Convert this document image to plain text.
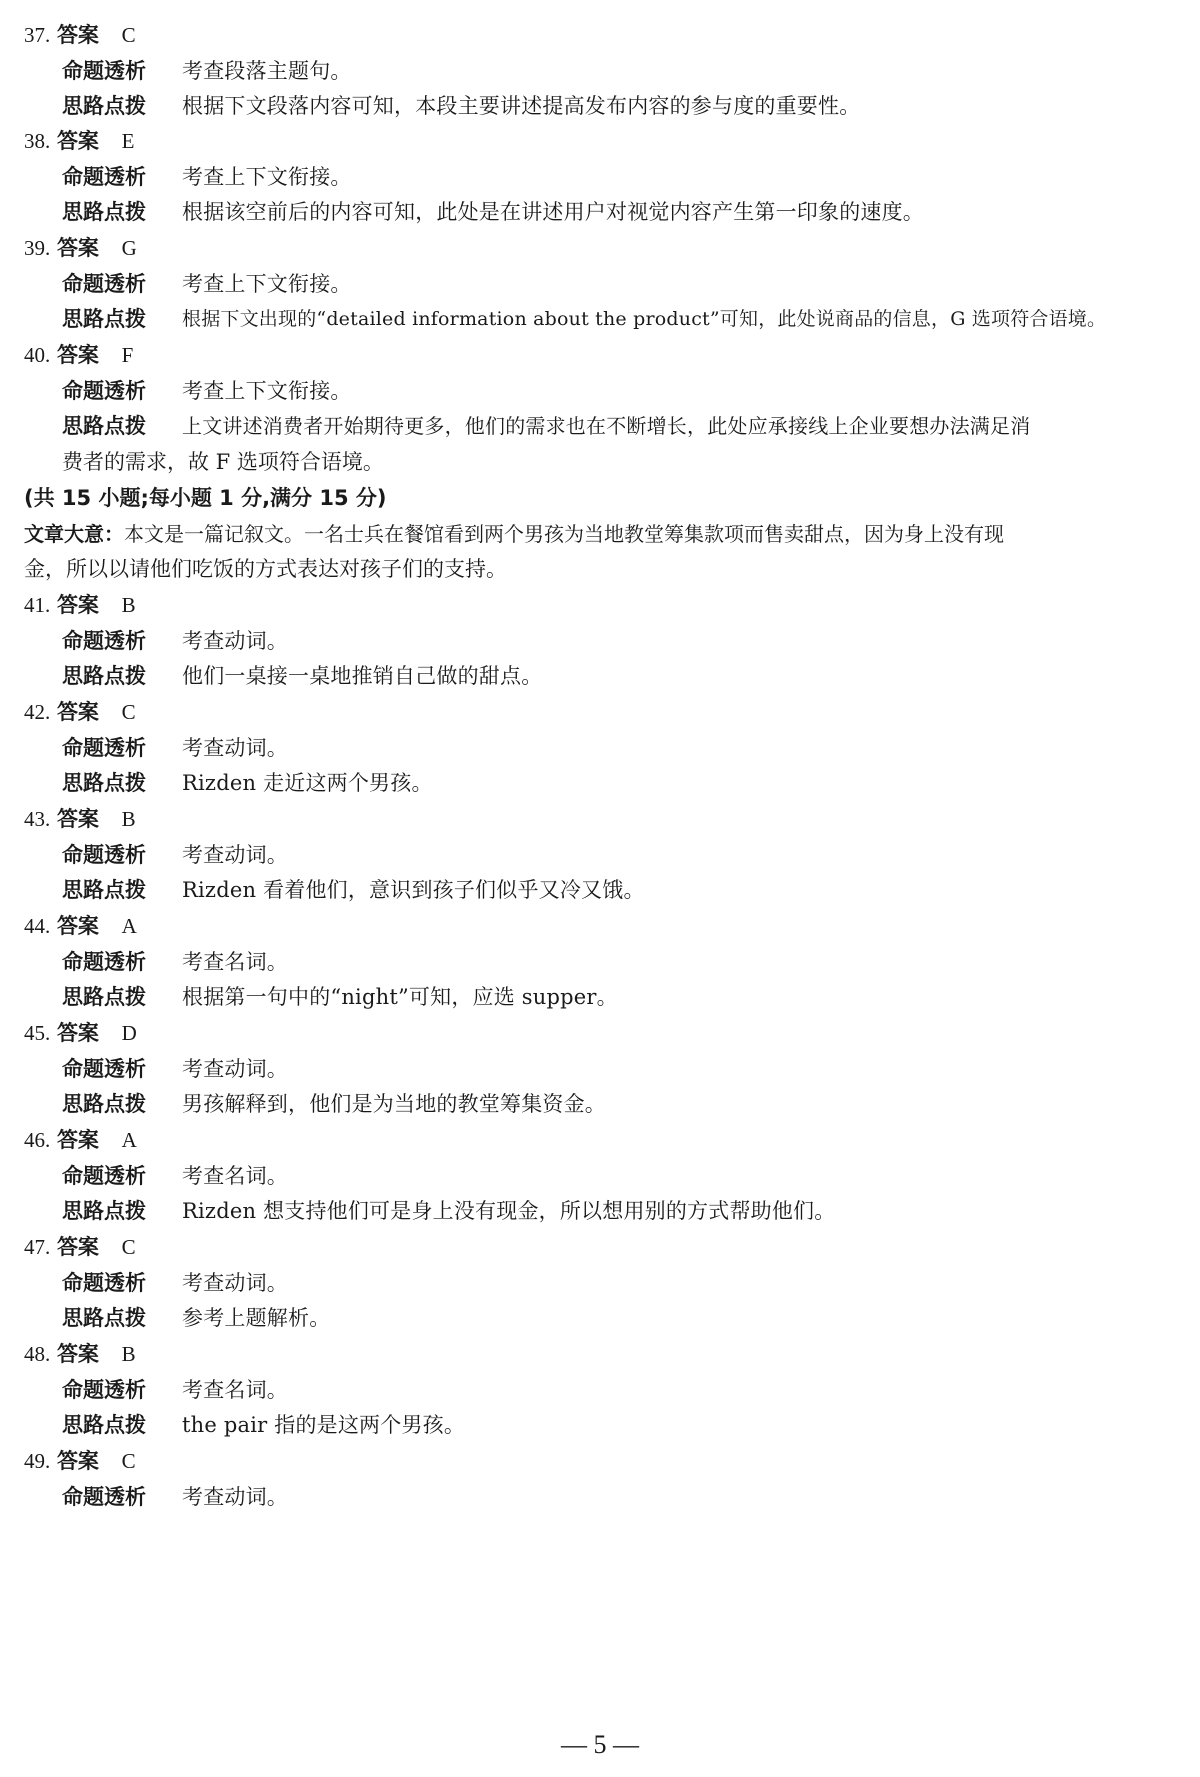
37. 答案 C
命题透析 考查段落主题句。
思路点拨 根据下文段落内容可知，本段主要讲述提高发布内容的参与度的重要性。
38. 答案 E
命题透析 考查上下文衔接。
思路点拨 根据该空前后的内容可知，此处是在讲述用户对视觉内容产生第一印象的速度。
39. 答案 G
命题透析 考查上下文衔接。
思路点拨 根据下文出现的“detailed information about the product”可知，此处说商品的信息，G 选项符合语境。
40. 答案 F
命题透析 考查上下文衔接。
思路点拨 上文讲述消费者开始期待更多，他们的需求也在不断增长，此处应承接线上企业要想办法满足消
费者的需求，故 F 选项符合语境。
(共 15 小题;每小题 1 分,满分 15 分)
文章大意：本文是一篇记叙文。一名士兵在餐馆看到两个男孩为当地教堂筹集款项而售卖甜点，因为身上没有现
金，所以以请他们吃饭的方式表达对孩子们的支持。
41. 答案 B
命题透析 考查动词。
思路点拨 他们一桌接一桌地推销自己做的甜点。
42. 答案 C
命题透析 考查动词。
思路点拨 Rizden 走近这两个男孩。
43. 答案 B
命题透析 考查动词。
思路点拨 Rizden 看着他们，意识到孩子们似乎又冷又饿。
44. 答案 A
命题透析 考查名词。
思路点拨 根据第一句中的“night”可知，应选 supper。
45. 答案 D
命题透析 考查动词。
思路点拨 男孩解释到，他们是为当地的教堂筹集资金。
46. 答案 A
命题透析 考查名词。
思路点拨 Rizden 想支持他们可是身上没有现金，所以想用别的方式帮助他们。
47. 答案 C
命题透析 考查动词。
思路点拨 参考上题解析。
48. 答案 B
命题透析 考查名词。
思路点拨 the pair 指的是这两个男孩。
49. 答案 C
命题透析 考查动词。
— 5 —
